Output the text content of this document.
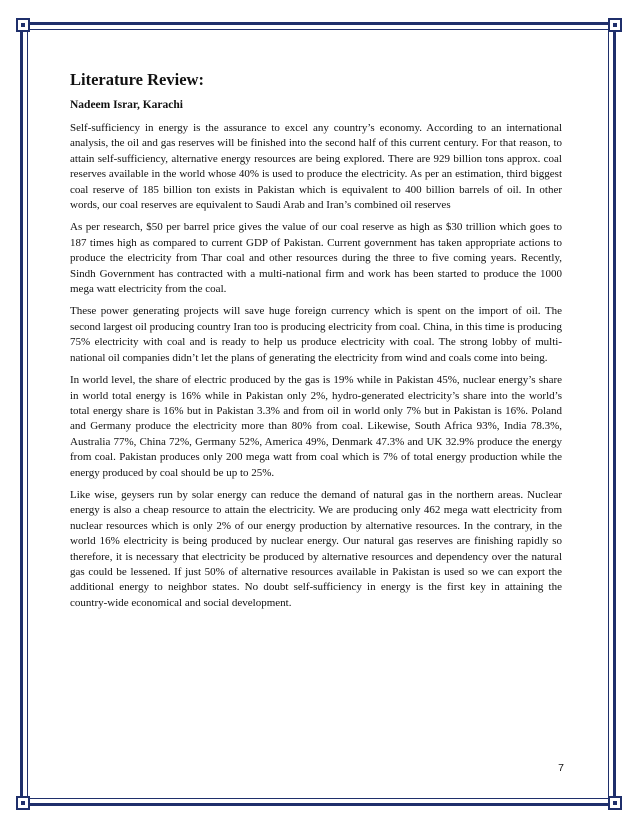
Literature Review:
Nadeem Israr, Karachi

Self-sufficiency in energy is the assurance to excel any country’s economy. According to an international analysis, the oil and gas reserves will be finished into the second half of this current century. For that reason, to attain self-sufficiency, alternative energy resources are being explored. There are 929 billion tons approx. coal reserves available in the world whose 40% is used to produce the electricity. As per an estimation, third biggest coal reserve of 185 billion ton exists in Pakistan which is equivalent to 400 billion barrels of oil. In other words, our coal reserves are equivalent to Saudi Arab and Iran’s combined oil reserves

As per research, $50 per barrel price gives the value of our coal reserve as high as $30 trillion which goes to 187 times high as compared to current GDP of Pakistan. Current government has taken appropriate actions to produce the electricity from Thar coal and other resources during the three to five coming years. Recently, Sindh Government has contracted with a multi-national firm and work has been started to produce the 1000 mega watt electricity from the coal.

These power generating projects will save huge foreign currency which is spent on the import of oil. The second largest oil producing country Iran too is producing electricity from coal. China, in this time is producing 75% electricity with coal and is ready to help us produce electricity with coal. The strong lobby of multi-national oil companies didn’t let the plans of generating the electricity from wind and coals come into being.

In world level, the share of electric produced by the gas is 19% while in Pakistan 45%, nuclear energy’s share in world total energy is 16% while in Pakistan only 2%, hydro-generated electricity’s share into the world’s total energy share is 16% but in Pakistan 3.3% and from oil in world only 7% but in Pakistan is 16%. Poland and Germany produce the electricity more than 80% from coal. Likewise, South Africa 93%, India 78.3%, Australia 77%, China 72%, Germany 52%, America 49%, Denmark 47.3% and UK 32.9% produce the energy from coal. Pakistan produces only 200 mega watt from coal which is 7% of total energy production while the energy produced by coal should be up to 25%.

Like wise, geysers run by solar energy can reduce the demand of natural gas in the northern areas. Nuclear energy is also a cheap resource to attain the electricity. We are producing only 462 mega watt electricity from nuclear resources which is only 2% of our energy production by alternative resources. In the contrary, in the world 16% electricity is being produced by nuclear energy. Our natural gas reserves are finishing rapidly so therefore, it is necessary that electricity be produced by alternative resources and dependency over the natural gas could be lessened. If just 50% of alternative resources available in Pakistan is used so we can export the additional energy to neighbor states. No doubt self-sufficiency in energy is the first key in attaining the country-wide economical and social development.

7
